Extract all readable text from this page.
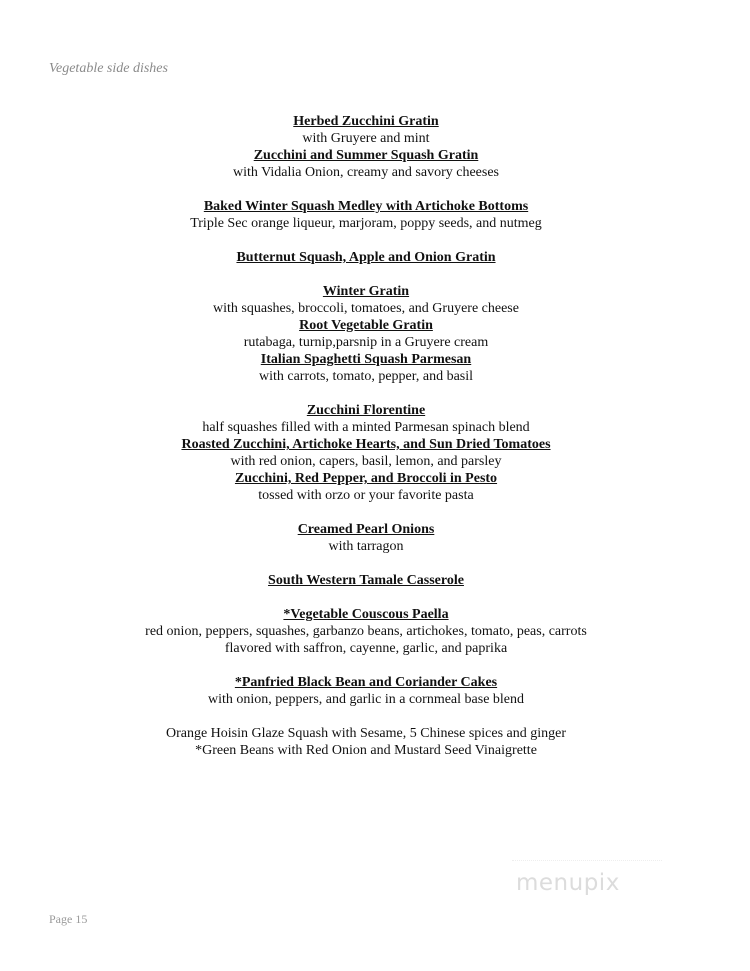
Vegetable side dishes
Herbed Zucchini Gratin
with Gruyere and mint
Zucchini and Summer Squash Gratin
with Vidalia Onion, creamy and savory cheeses
Baked Winter Squash Medley with Artichoke Bottoms
Triple Sec orange liqueur, marjoram, poppy seeds, and nutmeg
Butternut Squash, Apple and Onion Gratin
Winter Gratin
with squashes, broccoli, tomatoes, and Gruyere cheese
Root Vegetable Gratin
rutabaga, turnip,parsnip in a Gruyere cream
Italian Spaghetti Squash Parmesan
with carrots, tomato, pepper, and basil
Zucchini Florentine
half squashes filled with a minted Parmesan spinach blend
Roasted Zucchini, Artichoke Hearts, and Sun Dried Tomatoes
with red onion, capers, basil, lemon, and parsley
Zucchini, Red Pepper, and Broccoli in Pesto
tossed with orzo or your favorite pasta
Creamed Pearl Onions
with tarragon
South Western Tamale Casserole
*Vegetable Couscous Paella
red onion, peppers, squashes, garbanzo beans, artichokes, tomato, peas, carrots
flavored with saffron, cayenne, garlic, and paprika
*Panfried Black Bean and Coriander Cakes
with onion, peppers, and garlic in a cornmeal base blend
Orange Hoisin Glaze Squash with Sesame, 5 Chinese spices and ginger
*Green Beans with Red Onion and Mustard Seed Vinaigrette
menupix
Page 15
